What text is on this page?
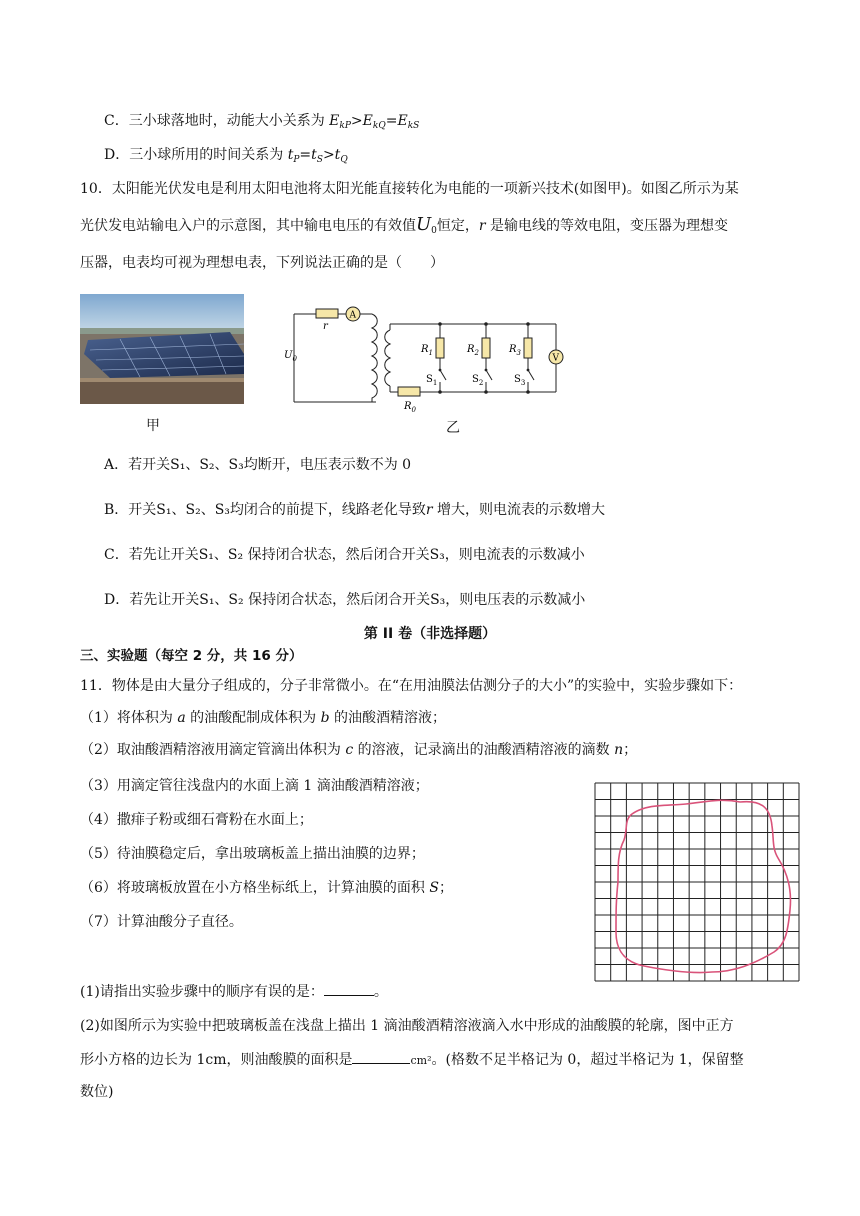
C．三小球落地时，动能大小关系为 $E_{kP}>E_{kQ}=E_{kS}$
D．三小球所用的时间关系为 $t_P=t_S>t_Q$
10．太阳能光伏发电是利用太阳电池将太阳光能直接转化为电能的一项新兴技术(如图甲)。如图乙所示为某
光伏发电站输电入户的示意图，其中输电电压的有效值$U_0$恒定，r 是输电线的等效电阻，变压器为理想变
压器，电表均可视为理想电表，下列说法正确的是（　　）
甲
r
A
$U_0$
$R_1$	$R_2$	$R_3$
V
$S_1$	$S_2$	$S_3$
$R_0$
乙
A．若开关S₁、S₂、S₃均断开，电压表示数不为 0
B．开关S₁、S₂、S₃均闭合的前提下，线路老化导致r 增大，则电流表的示数增大
C．若先让开关S₁、S₂ 保持闭合状态，然后闭合开关S₃，则电流表的示数减小
D．若先让开关S₁、S₂ 保持闭合状态，然后闭合开关S₃，则电压表的示数减小
第 II 卷（非选择题）
三、实验题（每空 2 分，共 16 分）
11．物体是由大量分子组成的，分子非常微小。在“在用油膜法估测分子的大小”的实验中，实验步骤如下：
（1）将体积为 a 的油酸配制成体积为 b 的油酸酒精溶液；
（2）取油酸酒精溶液用滴定管滴出体积为 c 的溶液，记录滴出的油酸酒精溶液的滴数 n；
（3）用滴定管往浅盘内的水面上滴 1 滴油酸酒精溶液；
（4）撒痱子粉或细石膏粉在水面上；
（5）待油膜稳定后，拿出玻璃板盖上描出油膜的边界；
（6）将玻璃板放置在小方格坐标纸上，计算油膜的面积 S；
（7）计算油酸分子直径。
(1)请指出实验步骤中的顺序有误的是：	。
(2)如图所示为实验中把玻璃板盖在浅盘上描出 1 滴油酸酒精溶液滴入水中形成的油酸膜的轮廓，图中正方
形小方格的边长为 1cm，则油酸膜的面积是	cm²。(格数不足半格记为 0，超过半格记为 1，保留整
数位)
